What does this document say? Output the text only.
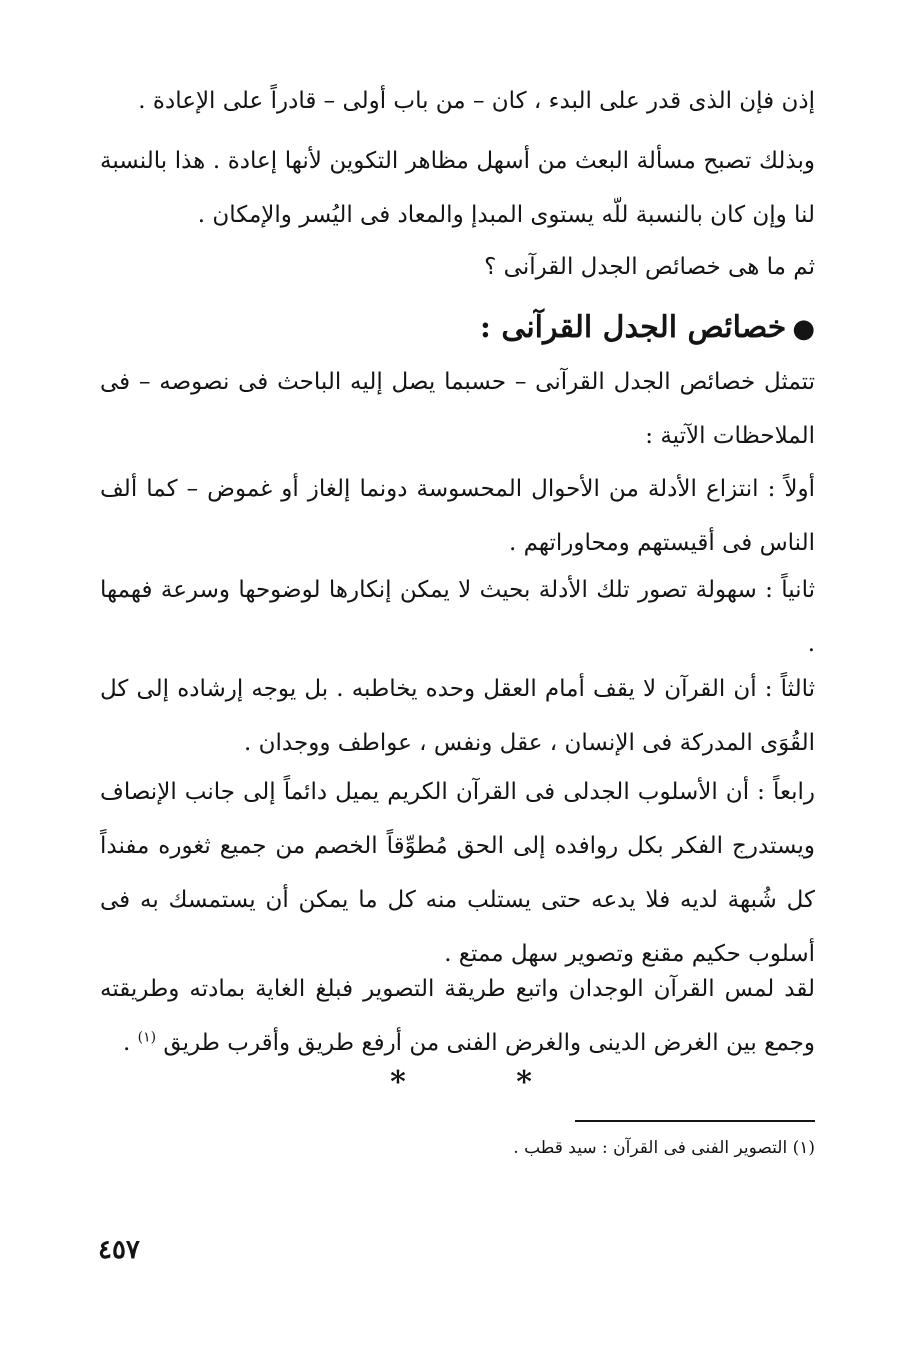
إذن فإن الذى قدر على البدء ، كان – من باب أولى – قادراً على الإعادة .

وبذلك تصبح مسألة البعث من أسهل مظاهر التكوين لأنها إعادة . هذا بالنسبة لنا وإن كان بالنسبة للّه يستوى المبدإ والمعاد فى اليُسر والإمكان .

ثم ما هى خصائص الجدل القرآنى ؟

●خصائص الجدل القرآنى :

تتمثل خصائص الجدل القرآنى – حسبما يصل إليه الباحث فى نصوصه – فى الملاحظات الآتية :

أولاً : انتزاع الأدلة من الأحوال المحسوسة دونما إلغاز أو غموض – كما ألف الناس فى أقيستهم ومحاوراتهم .

ثانياً : سهولة تصور تلك الأدلة بحيث لا يمكن إنكارها لوضوحها وسرعة فهمها .

ثالثاً : أن القرآن لا يقف أمام العقل وحده يخاطبه . بل يوجه إرشاده إلى كل القُوَى المدركة فى الإنسان ، عقل ونفس ، عواطف ووجدان .

رابعاً : أن الأسلوب الجدلى فى القرآن الكريم يميل دائماً إلى جانب الإنصاف ويستدرج الفكر بكل روافده إلى الحق مُطوِّقاً الخصم من جميع ثغوره مفنداً كل شُبهة لديه فلا يدعه حتى يستلب منه كل ما يمكن أن يستمسك به فى أسلوب حكيم مقنع وتصوير سهل ممتع .

لقد لمس القرآن الوجدان واتبع طريقة التصوير فبلغ الغاية بمادته وطريقته وجمع بين الغرض الدينى والغرض الفنى من أرفع طريق وأقرب طريق $^{(١)}$ .

* *

(١) التصوير الفنى فى القرآن : سيد قطب .

٤٥٧
